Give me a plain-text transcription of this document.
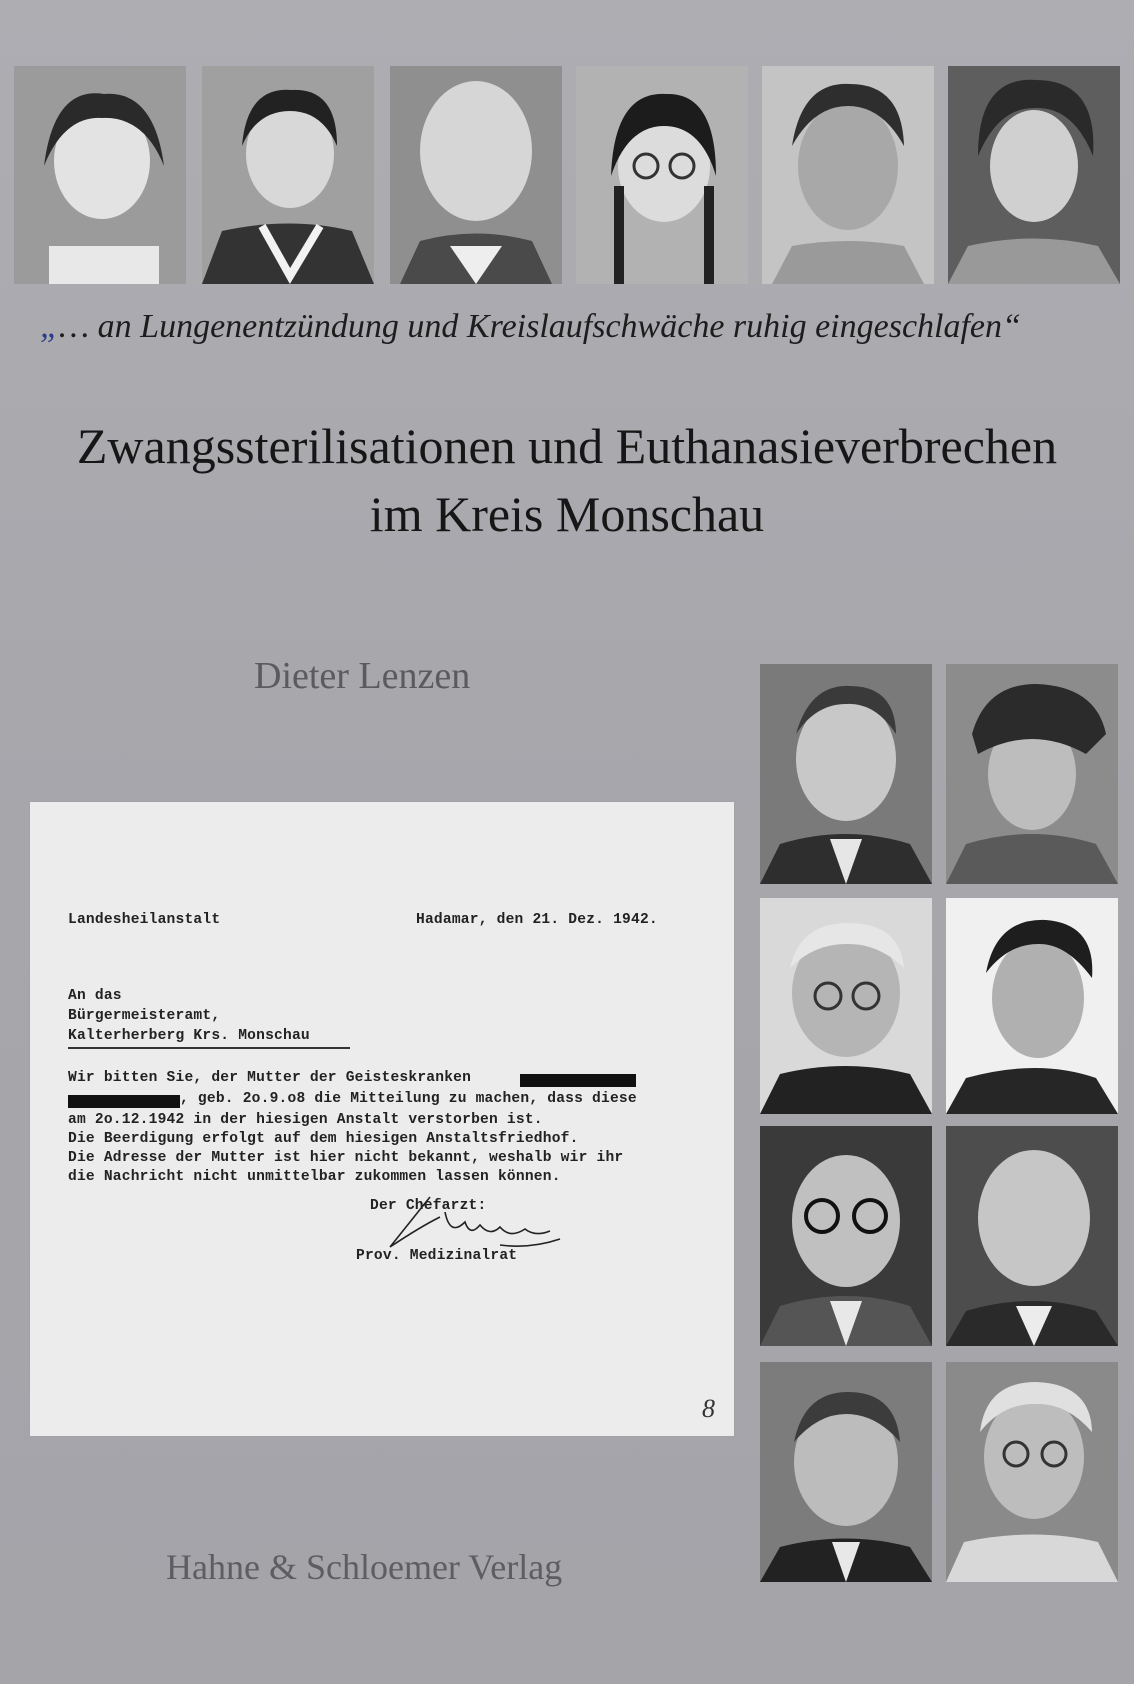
„… an Lungenentzündung und Kreislaufschwäche ruhig eingeschlafen“
Zwangssterilisationen und Euthanasieverbrechen
im Kreis Monschau
Dieter Lenzen
Landesheilanstalt	Hadamar, den 21. Dez. 1942.
An das
Bürgermeisteramt,
Kalterherberg Krs. Monschau
Wir bitten Sie, der Mutter der Geisteskranken
, geb. 2o.9.o8 die Mitteilung zu machen, dass diese
am 2o.12.1942 in der hiesigen Anstalt verstorben ist.
Die Beerdigung erfolgt auf dem hiesigen Anstaltsfriedhof.
Die Adresse der Mutter ist hier nicht bekannt, weshalb wir ihr
die Nachricht nicht unmittelbar zukommen lassen können.
Der Chefarzt:
Prov. Medizinalrat
8
Hahne & Schloemer Verlag
